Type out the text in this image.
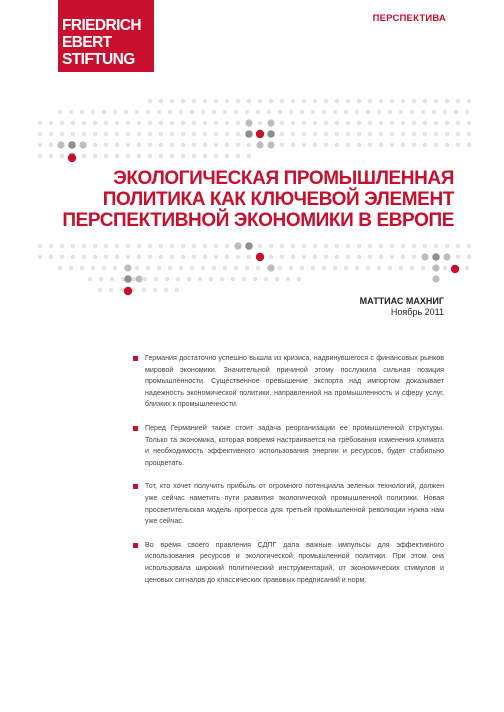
FRIEDRICH
EBERT
STIFTUNG
ПЕРСПЕКТИВА
ЭКОЛОГИЧЕСКАЯ ПРОМЫШЛЕННАЯ
ПОЛИТИКА КАК КЛЮЧЕВОЙ ЭЛЕМЕНТ
ПЕРСПЕКТИВНОЙ ЭКОНОМИКИ В ЕВРОПЕ
МАТТИАС МАХНИГ
Ноябрь 2011

Германия достаточно успешно вышла из кризиса, надвинувшегося с финансовых рынков мировой экономики. Значительной причиной этому послужила сильная позиция промышленности. Существенное превышение экспорта над импортом доказывает надежность экономической политики, направленной на промышленность и сферу услуг, близких к промышленности.

Перед Германией также стоит задача реорганизации ее промышленной структуры. Только та экономика, которая вовремя настраивается на требования изменения климата и необходимость эффективного использования энергии и ресурсов, будет стабильно процветать.

Тот, кто хочет получить прибыль от огромного потенциала зеленых технологий, должен уже сейчас наметить пути развития экологической промышленной политики. Новая просветительская модель прогресса для третьей промышленной революции нужна нам уже сейчас.

Во время своего правления СДПГ дала важные импульсы для эффективного использования ресурсов и экологической промышленной политики. При этом она использовала широкий политический инструментарий, от экономических стимулов и ценовых сигналов до классических правовых предписаний и норм.
